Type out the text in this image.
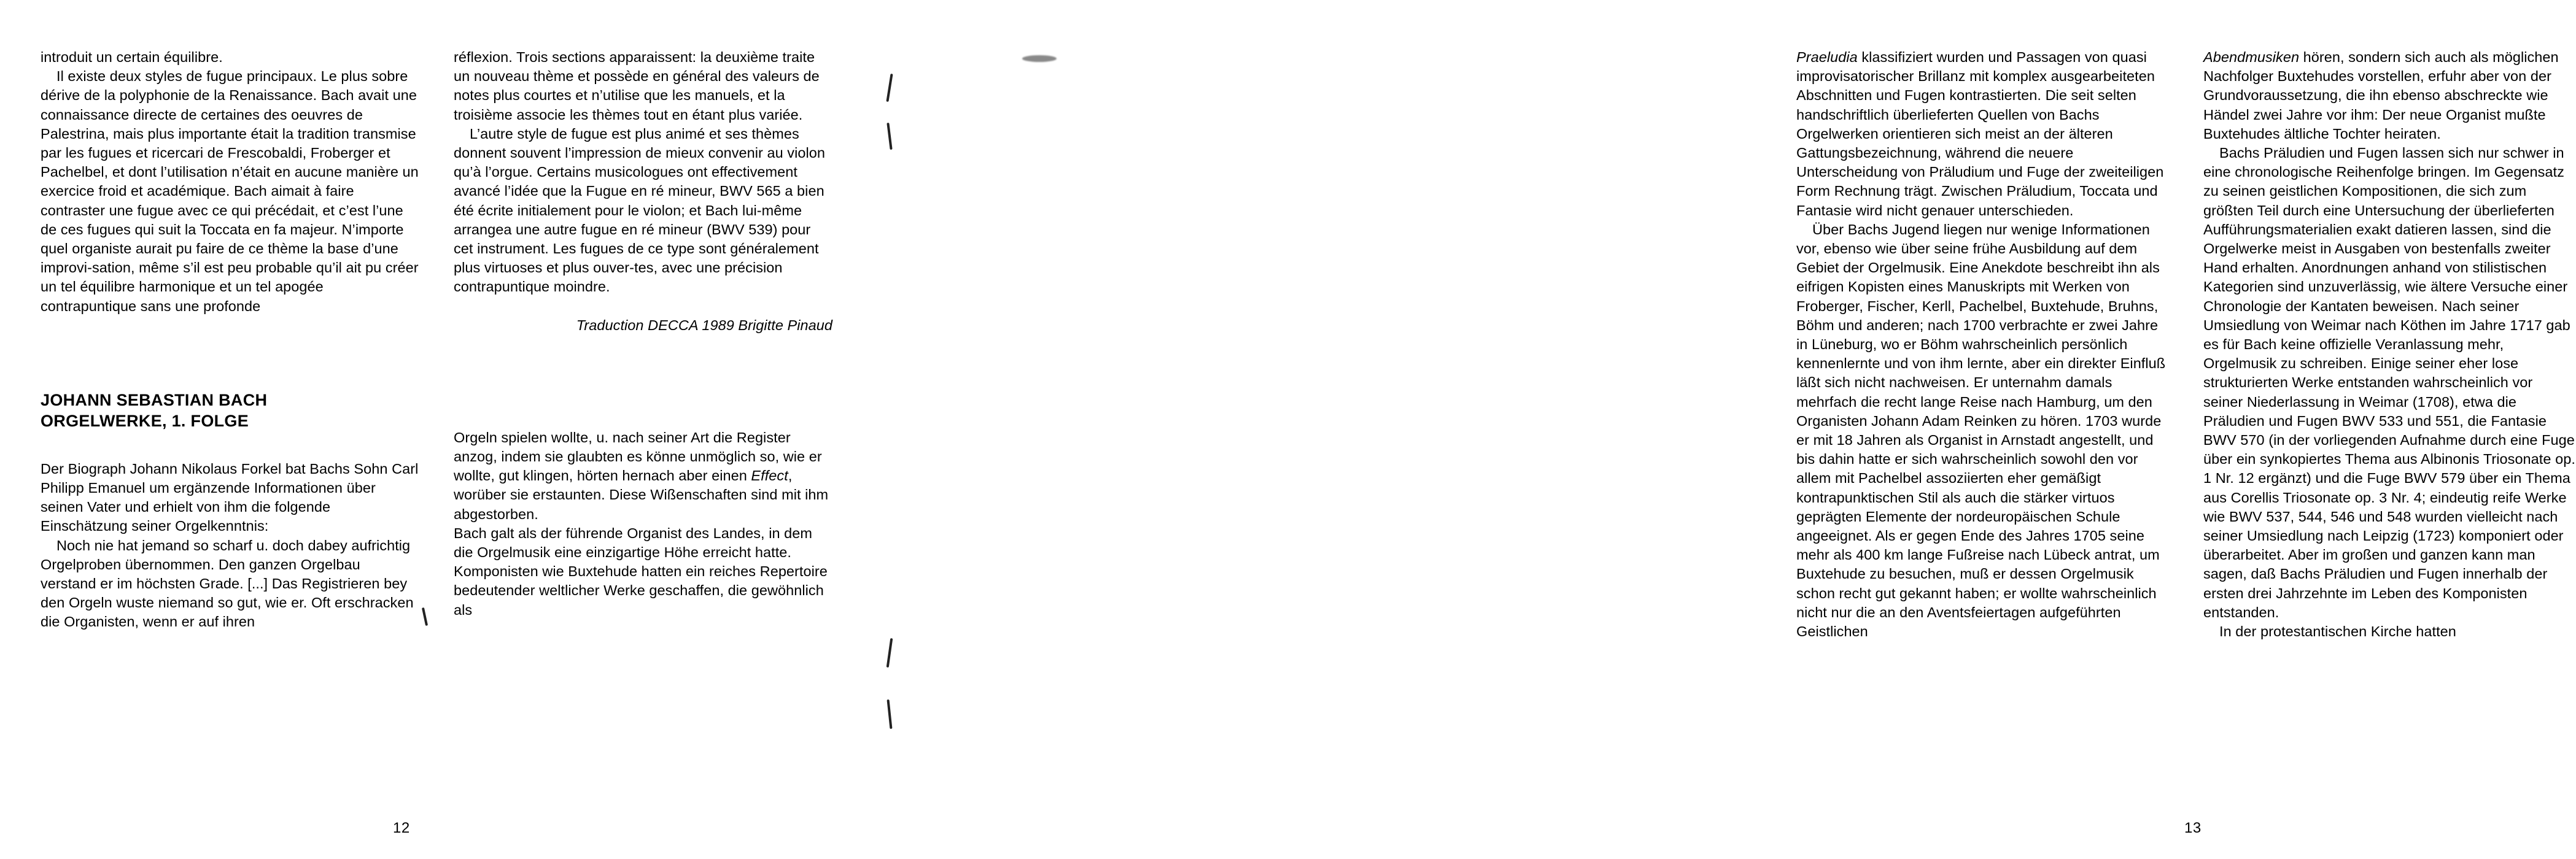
introduit un certain équilibre.

Il existe deux styles de fugue principaux. Le plus sobre dérive de la polyphonie de la Renaissance. Bach avait une connaissance directe de certaines des oeuvres de Palestrina, mais plus importante était la tradition transmise par les fugues et ricercari de Frescobaldi, Froberger et Pachelbel, et dont l’utilisation n’était en aucune manière un exercice froid et académique. Bach aimait à faire contraster une fugue avec ce qui précédait, et c’est l’une de ces fugues qui suit la Toccata en fa majeur. N’importe quel organiste aurait pu faire de ce thème la base d’une improvi-sation, même s’il est peu probable qu’il ait pu créer un tel équilibre harmonique et un tel apogée contrapuntique sans une profonde

JOHANN SEBASTIAN BACH
ORGELWERKE, 1. FOLGE

Der Biograph Johann Nikolaus Forkel bat Bachs Sohn Carl Philipp Emanuel um ergänzende Informationen über seinen Vater und erhielt von ihm die folgende Einschätzung seiner Orgelkenntnis:

Noch nie hat jemand so scharf u. doch dabey aufrichtig Orgelproben übernommen. Den ganzen Orgelbau verstand er im höchsten Grade. [...] Das Registrieren bey den Orgeln wuste niemand so gut, wie er. Oft erschracken die Organisten, wenn er auf ihren

réflexion. Trois sections apparaissent: la deuxième traite un nouveau thème et possède en général des valeurs de notes plus courtes et n’utilise que les manuels, et la troisième associe les thèmes tout en étant plus variée.

L’autre style de fugue est plus animé et ses thèmes donnent souvent l’impression de mieux convenir au violon qu’à l’orgue. Certains musicologues ont effectivement avancé l’idée que la Fugue en ré mineur, BWV 565 a bien été écrite initialement pour le violon; et Bach lui-même arrangea une autre fugue en ré mineur (BWV 539) pour cet instrument. Les fugues de ce type sont généralement plus virtuoses et plus ouver-tes, avec une précision contrapuntique moindre.

Traduction DECCA 1989 Brigitte Pinaud

Orgeln spielen wollte, u. nach seiner Art die Register anzog, indem sie glaubten es könne unmöglich so, wie er wollte, gut klingen, hörten hernach aber einen Effect, worüber sie erstaunten. Diese Wißenschaften sind mit ihm abgestorben.

Bach galt als der führende Organist des Landes, in dem die Orgelmusik eine einzigartige Höhe erreicht hatte. Komponisten wie Buxtehude hatten ein reiches Repertoire bedeutender weltlicher Werke geschaffen, die gewöhnlich als

12

Praeludia klassifiziert wurden und Passagen von quasi improvisatorischer Brillanz mit komplex ausgearbeiteten Abschnitten und Fugen kontrastierten. Die seit selten handschriftlich überlieferten Quellen von Bachs Orgelwerken orientieren sich meist an der älteren Gattungsbezeichnung, während die neuere Unterscheidung von Präludium und Fuge der zweiteiligen Form Rechnung trägt. Zwischen Präludium, Toccata und Fantasie wird nicht genauer unterschieden.

Über Bachs Jugend liegen nur wenige Informationen vor, ebenso wie über seine frühe Ausbildung auf dem Gebiet der Orgelmusik. Eine Anekdote beschreibt ihn als eifrigen Kopisten eines Manuskripts mit Werken von Froberger, Fischer, Kerll, Pachelbel, Buxtehude, Bruhns, Böhm und anderen; nach 1700 verbrachte er zwei Jahre in Lüneburg, wo er Böhm wahrscheinlich persönlich kennenlernte und von ihm lernte, aber ein direkter Einfluß läßt sich nicht nachweisen. Er unternahm damals mehrfach die recht lange Reise nach Hamburg, um den Organisten Johann Adam Reinken zu hören. 1703 wurde er mit 18 Jahren als Organist in Arnstadt angestellt, und bis dahin hatte er sich wahrscheinlich sowohl den vor allem mit Pachelbel assoziierten eher gemäßigt kontrapunktischen Stil als auch die stärker virtuos geprägten Elemente der nordeuropäischen Schule angeeignet. Als er gegen Ende des Jahres 1705 seine mehr als 400 km lange Fußreise nach Lübeck antrat, um Buxtehude zu besuchen, muß er dessen Orgelmusik schon recht gut gekannt haben; er wollte wahrscheinlich nicht nur die an den Aventsfeiertagen aufgeführten Geistlichen

Abendmusiken hören, sondern sich auch als möglichen Nachfolger Buxtehudes vorstellen, erfuhr aber von der Grundvoraussetzung, die ihn ebenso abschreckte wie Händel zwei Jahre vor ihm: Der neue Organist mußte Buxtehudes ältliche Tochter heiraten.

Bachs Präludien und Fugen lassen sich nur schwer in eine chronologische Reihenfolge bringen. Im Gegensatz zu seinen geistlichen Kompositionen, die sich zum größten Teil durch eine Untersuchung der überlieferten Aufführungsmaterialien exakt datieren lassen, sind die Orgelwerke meist in Ausgaben von bestenfalls zweiter Hand erhalten. Anordnungen anhand von stilistischen Kategorien sind unzuverlässig, wie ältere Versuche einer Chronologie der Kantaten beweisen. Nach seiner Umsiedlung von Weimar nach Köthen im Jahre 1717 gab es für Bach keine offizielle Veranlassung mehr, Orgelmusik zu schreiben. Einige seiner eher lose strukturierten Werke entstanden wahrscheinlich vor seiner Niederlassung in Weimar (1708), etwa die Präludien und Fugen BWV 533 und 551, die Fantasie BWV 570 (in der vorliegenden Aufnahme durch eine Fuge über ein synkopiertes Thema aus Albinonis Triosonate op. 1 Nr. 12 ergänzt) und die Fuge BWV 579 über ein Thema aus Corellis Triosonate op. 3 Nr. 4; eindeutig reife Werke wie BWV 537, 544, 546 und 548 wurden vielleicht nach seiner Umsiedlung nach Leipzig (1723) komponiert oder überarbeitet. Aber im großen und ganzen kann man sagen, daß Bachs Präludien und Fugen innerhalb der ersten drei Jahrzehnte im Leben des Komponisten entstanden.

In der protestantischen Kirche hatten

13
